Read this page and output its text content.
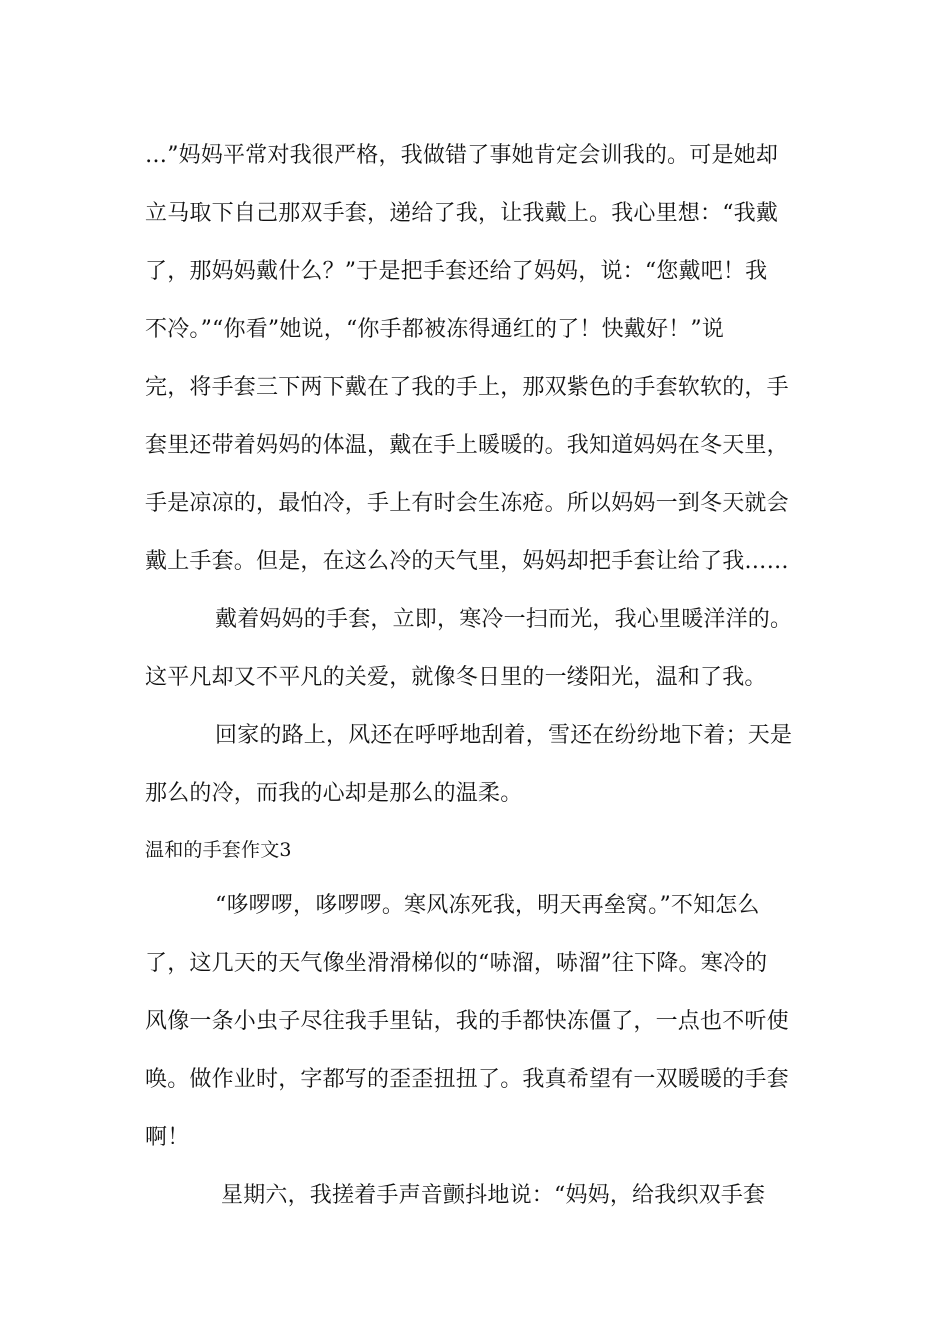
…”妈妈平常对我很严格，我做错了事她肯定会训我的。可是她却
立马取下自己那双手套，递给了我，让我戴上。我心里想：“我戴
了，那妈妈戴什么？”于是把手套还给了妈妈，说：“您戴吧！我
不冷。”“你看”她说，“你手都被冻得通红的了！快戴好！”说
完，将手套三下两下戴在了我的手上，那双紫色的手套软软的，手
套里还带着妈妈的体温，戴在手上暖暖的。我知道妈妈在冬天里，
手是凉凉的，最怕冷，手上有时会生冻疮。所以妈妈一到冬天就会
戴上手套。但是，在这么冷的天气里，妈妈却把手套让给了我……
戴着妈妈的手套，立即，寒冷一扫而光，我心里暖洋洋的。
这平凡却又不平凡的关爱，就像冬日里的一缕阳光，温和了我。
回家的路上，风还在呼呼地刮着，雪还在纷纷地下着；天是
那么的冷，而我的心却是那么的温柔。
温和的手套作文3
“哆啰啰，哆啰啰。寒风冻死我，明天再垒窝。”不知怎么
了，这几天的天气像坐滑滑梯似的“哧溜，哧溜”往下降。寒冷的
风像一条小虫子尽往我手里钻，我的手都快冻僵了，一点也不听使
唤。做作业时，字都写的歪歪扭扭了。我真希望有一双暖暖的手套
啊！
星期六，我搓着手声音颤抖地说：“妈妈，给我织双手套
